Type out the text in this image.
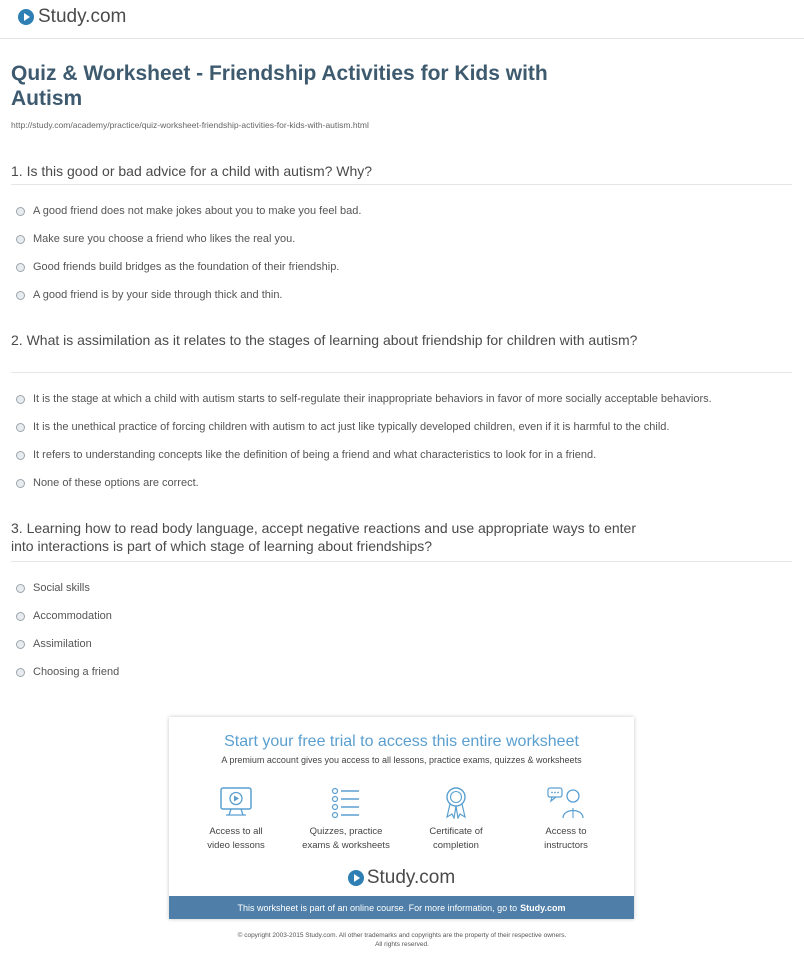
Study.com
Quiz & Worksheet - Friendship Activities for Kids with Autism
http://study.com/academy/practice/quiz-worksheet-friendship-activities-for-kids-with-autism.html
1. Is this good or bad advice for a child with autism? Why?
A good friend does not make jokes about you to make you feel bad.
Make sure you choose a friend who likes the real you.
Good friends build bridges as the foundation of their friendship.
A good friend is by your side through thick and thin.
2. What is assimilation as it relates to the stages of learning about friendship for children with autism?
It is the stage at which a child with autism starts to self-regulate their inappropriate behaviors in favor of more socially acceptable behaviors.
It is the unethical practice of forcing children with autism to act just like typically developed children, even if it is harmful to the child.
It refers to understanding concepts like the definition of being a friend and what characteristics to look for in a friend.
None of these options are correct.
3. Learning how to read body language, accept negative reactions and use appropriate ways to enter into interactions is part of which stage of learning about friendships?
Social skills
Accommodation
Assimilation
Choosing a friend
Start your free trial to access this entire worksheet
A premium account gives you access to all lessons, practice exams, quizzes & worksheets
Access to all
video lessons
Quizzes, practice
exams & worksheets
Certificate of
completion
Access to
instructors
Study.com
This worksheet is part of an online course. For more information, go to Study.com
© copyright 2003-2015 Study.com. All other trademarks and copyrights are the property of their respective owners.
All rights reserved.
